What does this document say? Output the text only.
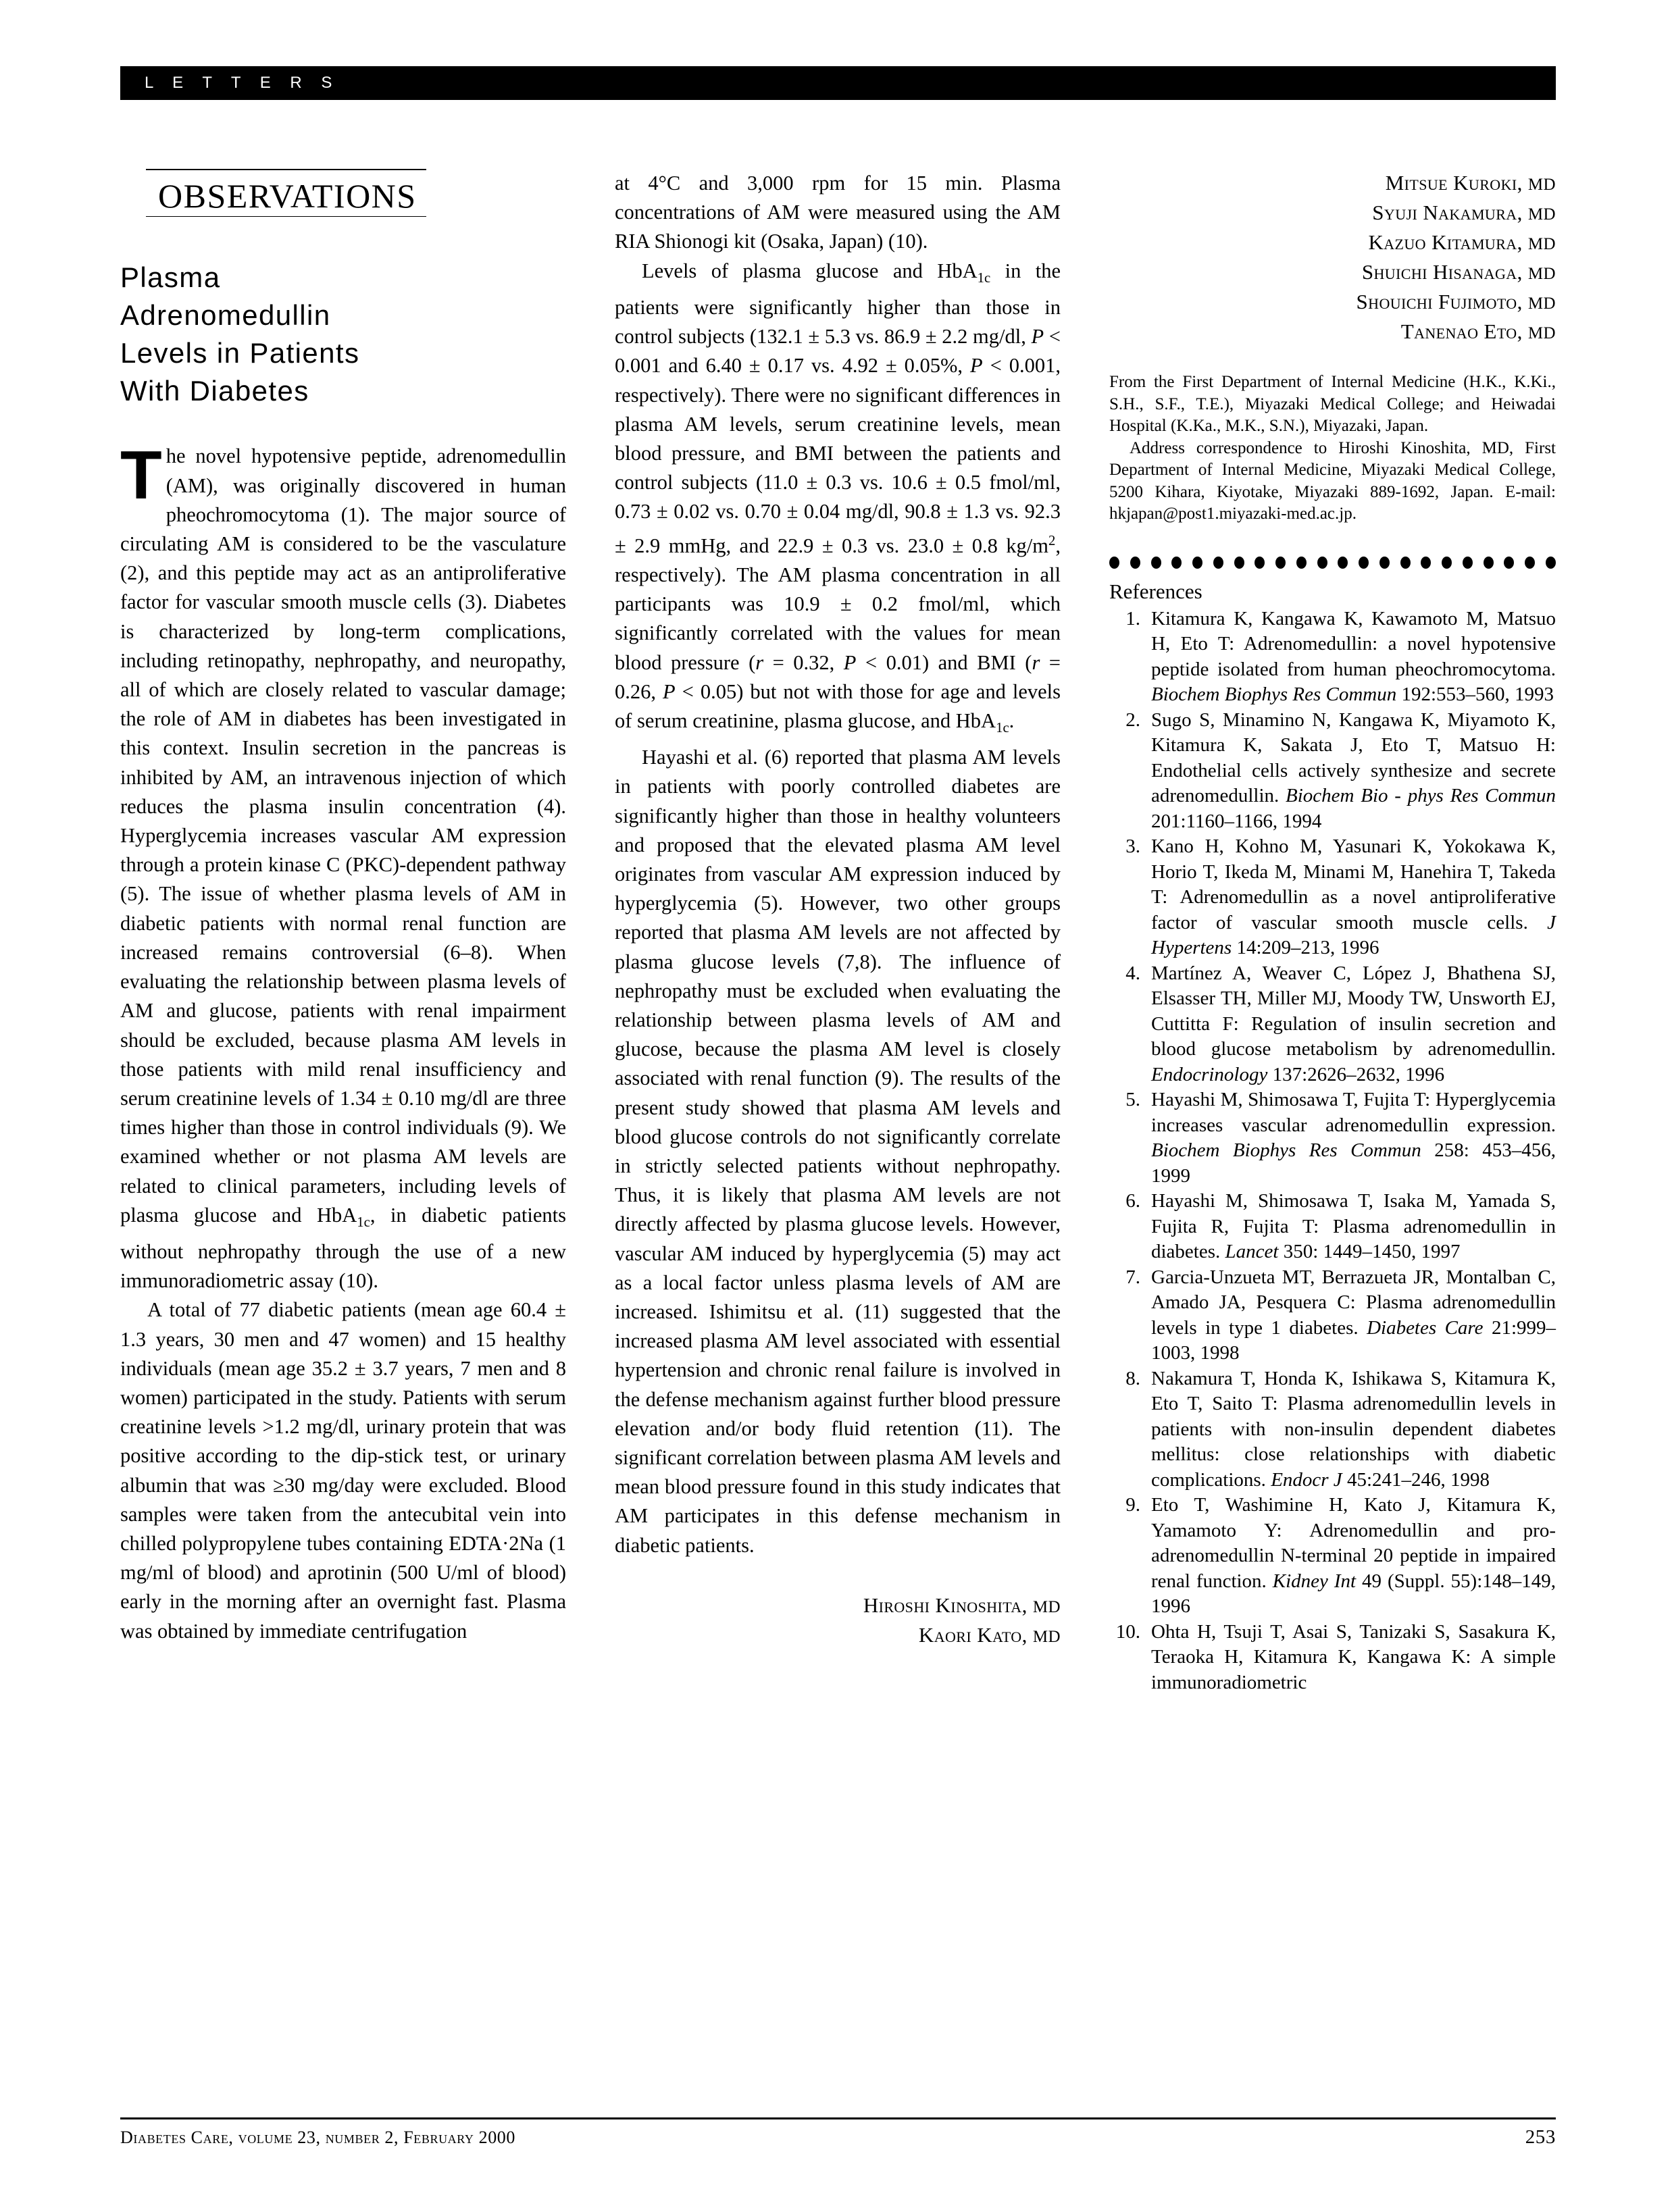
L E T T E R S
OBSERVATIONS
Plasma
Adrenomedullin
Levels in Patients
With Diabetes

The novel hypotensive peptide, adrenomedullin (AM), was originally discovered in human pheochromocytoma (1). The major source of circulating AM is considered to be the vasculature (2), and this peptide may act as an antiproliferative factor for vascular smooth muscle cells (3). Diabetes is characterized by long-term complications, including retinopathy, nephropathy, and neuropathy, all of which are closely related to vascular damage; the role of AM in diabetes has been investigated in this context. Insulin secretion in the pancreas is inhibited by AM, an intravenous injection of which reduces the plasma insulin concentration (4). Hyperglycemia increases vascular AM expression through a protein kinase C (PKC)-dependent pathway (5). The issue of whether plasma levels of AM in diabetic patients with normal renal function are increased remains controversial (6–8). When evaluating the relationship between plasma levels of AM and glucose, patients with renal impairment should be excluded, because plasma AM levels in those patients with mild renal insufficiency and serum creatinine levels of 1.34 ± 0.10 mg/dl are three times higher than those in control individuals (9). We examined whether or not plasma AM levels are related to clinical parameters, including levels of plasma glucose and HbA$_{1c}$, in diabetic patients without nephropathy through the use of a new immunoradiometric assay (10).

A total of 77 diabetic patients (mean age 60.4 ± 1.3 years, 30 men and 47 women) and 15 healthy individuals (mean age 35.2 ± 3.7 years, 7 men and 8 women) participated in the study. Patients with serum creatinine levels >1.2 mg/dl, urinary protein that was positive according to the dip-stick test, or urinary albumin that was ≥30 mg/day were excluded. Blood samples were taken from the antecubital vein into chilled polypropylene tubes containing EDTA·2Na (1 mg/ml of blood) and aprotinin (500 U/ml of blood) early in the morning after an overnight fast. Plasma was obtained by immediate centrifugation

at 4°C and 3,000 rpm for 15 min. Plasma concentrations of AM were measured using the AM RIA Shionogi kit (Osaka, Japan) (10).

Levels of plasma glucose and HbA$_{1c}$ in the patients were significantly higher than those in control subjects (132.1 ± 5.3 vs. 86.9 ± 2.2 mg/dl, P < 0.001 and 6.40 ± 0.17 vs. 4.92 ± 0.05%, P < 0.001, respectively). There were no significant differences in plasma AM levels, serum creatinine levels, mean blood pressure, and BMI between the patients and control subjects (11.0 ± 0.3 vs. 10.6 ± 0.5 fmol/ml, 0.73 ± 0.02 vs. 0.70 ± 0.04 mg/dl, 90.8 ± 1.3 vs. 92.3 ± 2.9 mmHg, and 22.9 ± 0.3 vs. 23.0 ± 0.8 $kg/m^2$, respectively). The AM plasma concentration in all participants was 10.9 ± 0.2 fmol/ml, which significantly correlated with the values for mean blood pressure (r = 0.32, P < 0.01) and BMI (r = 0.26, P < 0.05) but not with those for age and levels of serum creatinine, plasma glucose, and HbA$_{1c}$.

Hayashi et al. (6) reported that plasma AM levels in patients with poorly controlled diabetes are significantly higher than those in healthy volunteers and proposed that the elevated plasma AM level originates from vascular AM expression induced by hyperglycemia (5). However, two other groups reported that plasma AM levels are not affected by plasma glucose levels (7,8). The influence of nephropathy must be excluded when evaluating the relationship between plasma levels of AM and glucose, because the plasma AM level is closely associated with renal function (9). The results of the present study showed that plasma AM levels and blood glucose controls do not significantly correlate in strictly selected patients without nephropathy. Thus, it is likely that plasma AM levels are not directly affected by plasma glucose levels. However, vascular AM induced by hyperglycemia (5) may act as a local factor unless plasma levels of AM are increased. Ishimitsu et al. (11) suggested that the increased plasma AM level associated with essential hypertension and chronic renal failure is involved in the defense mechanism against further blood pressure elevation and/or body fluid retention (11). The significant correlation between plasma AM levels and mean blood pressure found in this study indicates that AM participates in this defense mechanism in diabetic patients.

Hiroshi Kinoshita, MD
Kaori Kato, MD
Mitsue Kuroki, MD
Syuji Nakamura, MD
Kazuo Kitamura, MD
Shuichi Hisanaga, MD
Shouichi Fujimoto, MD
Tanenao Eto, MD

From the First Department of Internal Medicine (H.K., K.Ki., S.H., S.F., T.E.), Miyazaki Medical College; and Heiwadai Hospital (K.Ka., M.K., S.N.), Miyazaki, Japan.

Address correspondence to Hiroshi Kinoshita, MD, First Department of Internal Medicine, Miyazaki Medical College, 5200 Kihara, Kiyotake, Miyazaki 889-1692, Japan. E-mail: hkjapan@post1.miyazaki-med.ac.jp.

References
1. Kitamura K, Kangawa K, Kawamoto M, Matsuo H, Eto T: Adrenomedullin: a novel hypotensive peptide isolated from human pheochromocytoma. Biochem Biophys Res Commun 192:553–560, 1993
2. Sugo S, Minamino N, Kangawa K, Miyamoto K, Kitamura K, Sakata J, Eto T, Matsuo H: Endothelial cells actively synthesize and secrete adrenomedullin. Biochem Bio - phys Res Commun 201:1160–1166, 1994
3. Kano H, Kohno M, Yasunari K, Yokokawa K, Horio T, Ikeda M, Minami M, Hanehira T, Takeda T: Adrenomedullin as a novel antiproliferative factor of vascular smooth muscle cells. J Hypertens 14:209–213, 1996
4. Martínez A, Weaver C, López J, Bhathena SJ, Elsasser TH, Miller MJ, Moody TW, Unsworth EJ, Cuttitta F: Regulation of insulin secretion and blood glucose metabolism by adrenomedullin. Endocrinology 137:2626–2632, 1996
5. Hayashi M, Shimosawa T, Fujita T: Hyperglycemia increases vascular adrenomedullin expression. Biochem Biophys Res Commun 258: 453–456, 1999
6. Hayashi M, Shimosawa T, Isaka M, Yamada S, Fujita R, Fujita T: Plasma adrenomedullin in diabetes. Lancet 350: 1449–1450, 1997
7. Garcia-Unzueta MT, Berrazueta JR, Montalban C, Amado JA, Pesquera C: Plasma adrenomedullin levels in type 1 diabetes. Diabetes Care 21:999–1003, 1998
8. Nakamura T, Honda K, Ishikawa S, Kitamura K, Eto T, Saito T: Plasma adrenomedullin levels in patients with non-insulin dependent diabetes mellitus: close relationships with diabetic complications. Endocr J 45:241–246, 1998
9. Eto T, Washimine H, Kato J, Kitamura K, Yamamoto Y: Adrenomedullin and pro-adrenomedullin N-terminal 20 peptide in impaired renal function. Kidney Int 49 (Suppl. 55):148–149, 1996
10. Ohta H, Tsuji T, Asai S, Tanizaki S, Sasakura K, Teraoka H, Kitamura K, Kangawa K: A simple immunoradiometric
Diabetes Care, volume 23, number 2, February 2000	253
